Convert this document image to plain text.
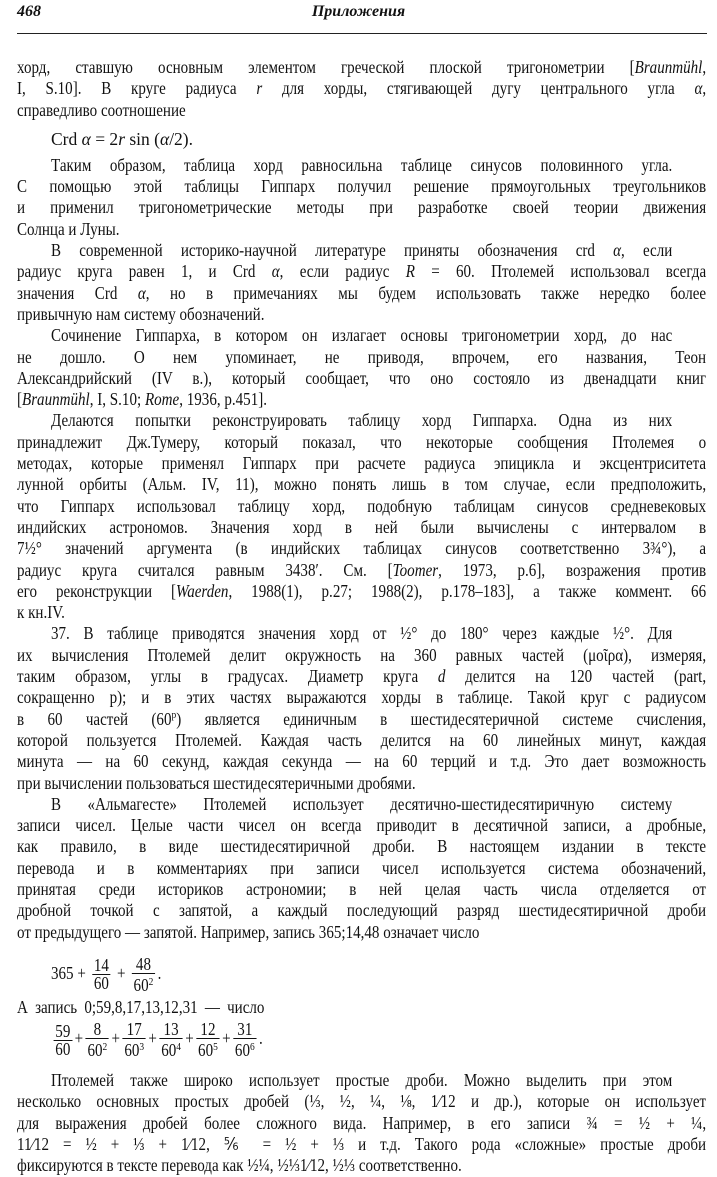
468	Приложения
хорд, ставшую основным элементом греческой плоской тригонометрии [Braunmühl,
I, S.10]. В круге радиуса r для хорды, стягивающей дугу центрального угла α,
справедливо соотношение
Crd α = 2r sin (α/2).
Таким образом, таблица хорд равносильна таблице синусов половинного угла.
С помощью этой таблицы Гиппарх получил решение прямоугольных треугольников
и применил тригонометрические методы при разработке своей теории движения
Солнца и Луны.
В современной историко-научной литературе приняты обозначения crd α, если
радиус круга равен 1, и Crd α, если радиус R = 60. Птолемей использовал всегда
значения Crd α, но в примечаниях мы будем использовать также нередко более
привычную нам систему обозначений.
Сочинение Гиппарха, в котором он излагает основы тригонометрии хорд, до нас
не дошло. О нем упоминает, не приводя, впрочем, его названия, Теон
Александрийский (IV в.), который сообщает, что оно состояло из двенадцати книг
[Braunmühl, I, S.10; Rome, 1936, p.451].
Делаются попытки реконструировать таблицу хорд Гиппарха. Одна из них
принадлежит Дж.Тумеру, который показал, что некоторые сообщения Птолемея о
методах, которые применял Гиппарх при расчете радиуса эпицикла и эксцентриситета
лунной орбиты (Альм. IV, 11), можно понять лишь в том случае, если предположить,
что Гиппарх использовал таблицу хорд, подобную таблицам синусов средневековых
индийских астрономов. Значения хорд в ней были вычислены с интервалом в
7½° значений аргумента (в индийских таблицах синусов соответственно 3¾°), а
радиус круга считался равным 3438′. См. [Toomer, 1973, p.6], возражения против
его реконструкции [Waerden, 1988(1), p.27; 1988(2), p.178–183], а также коммент. 66
к кн.IV.
37. В таблице приводятся значения хорд от ½° до 180° через каждые ½°. Для
их вычисления Птолемей делит окружность на 360 равных частей (μοῖρα), измеряя,
таким образом, углы в градусах. Диаметр круга d делится на 120 частей (part,
сокращенно p); и в этих частях выражаются хорды в таблице. Такой круг с радиусом
в 60 частей (60$^p$) является единичным в шестидесятеричной системе счисления,
которой пользуется Птолемей. Каждая часть делится на 60 линейных минут, каждая
минута — на 60 секунд, каждая секунда — на 60 терций и т.д. Это дает возможность
при вычислении пользоваться шестидесятеричными дробями.
В «Альмагесте» Птолемей использует десятично-шестидесятиричную систему
записи чисел. Целые части чисел он всегда приводит в десятичной записи, а дробные,
как правило, в виде шестидесятиричной дроби. В настоящем издании в тексте
перевода и в комментариях при записи чисел используется система обозначений,
принятая среди историков астрономии; в ней целая часть числа отделяется от
дробной точкой с запятой, а каждый последующий разряд шестидесятиричной дроби
от предыдущего — запятой. Например, запись 365;14,48 означает число
$365 + \frac{14}{60} + \frac{48}{60^2}$ .
А запись 0;59,8,17,13,12,31 — число
$\frac{59}{60} + \frac{8}{60^2} + \frac{17}{60^3} + \frac{13}{60^4} + \frac{12}{60^5} + \frac{31}{60^6}$ .
Птолемей также широко использует простые дроби. Можно выделить при этом
несколько основных простых дробей (⅓, ½, ¼, ⅛, 1⁄12 и др.), которые он использует
для выражения дробей более сложного вида. Например, в его записи ¾ = ½ + ¼,
11⁄12 = ½ + ⅓ + 1⁄12, ⅚ = ½ + ⅓ и т.д. Такого рода «сложные» простые дроби
фиксируются в тексте перевода как ½¼, ½⅓1⁄12, ½⅓ соответственно.
